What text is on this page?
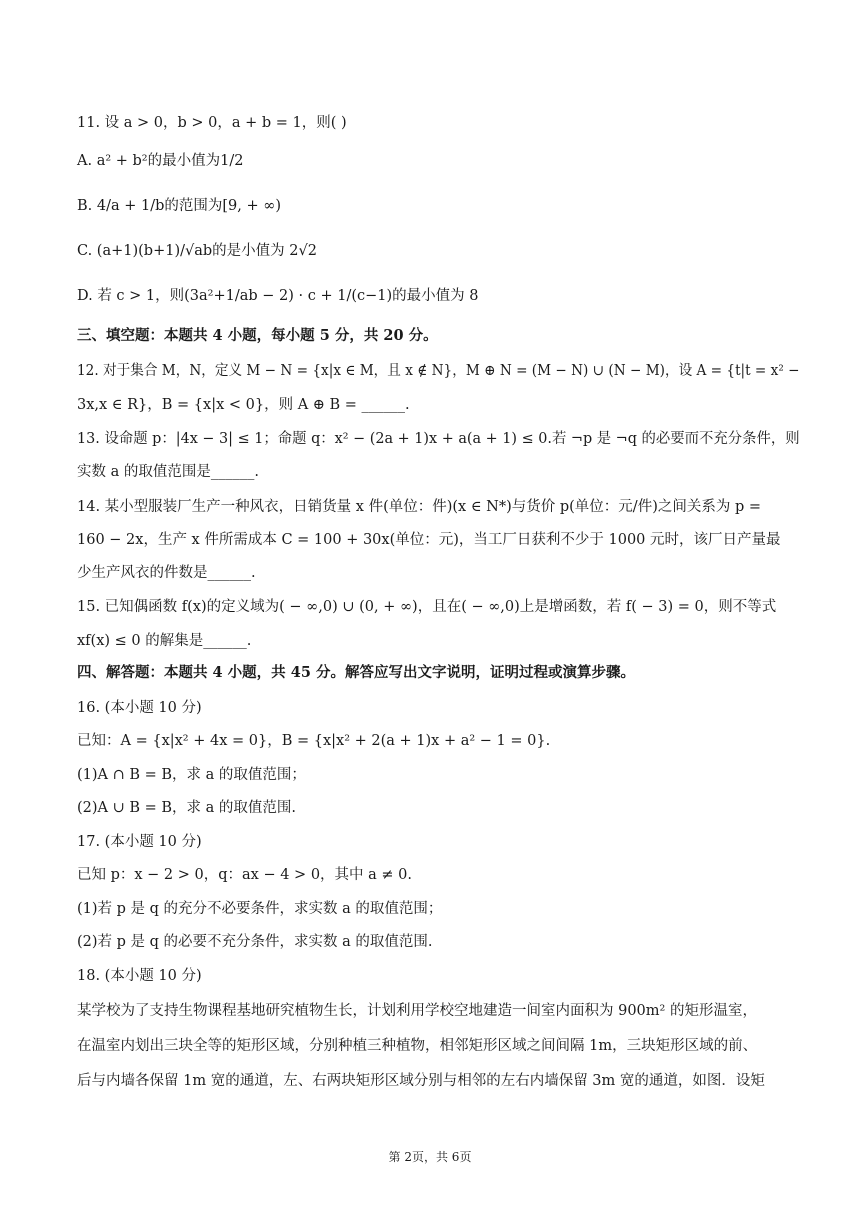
11. 设 a > 0，b > 0，a + b = 1，则( )
A. a² + b²的最小值为1/2
B. 4/a + 1/b的范围为[9, + ∞)
C. (a+1)(b+1)/√ab的是小值为 2√2
D. 若 c > 1，则(3a²+1/ab − 2) · c + 1/(c−1)的最小值为 8
三、填空题：本题共 4 小题，每小题 5 分，共 20 分。
12. 对于集合 M，N，定义 M − N = {x|x ∈ M，且 x ∉ N}，M ⊕ N = (M − N) ∪ (N − M)，设 A = {t|t = x² −
3x,x ∈ R}，B = {x|x < 0}，则 A ⊕ B = ______.
13. 设命题 p：|4x − 3| ≤ 1；命题 q：x² − (2a + 1)x + a(a + 1) ≤ 0.若 ¬p 是 ¬q 的必要而不充分条件，则
实数 a 的取值范围是______.
14. 某小型服装厂生产一种风衣，日销货量 x 件(单位：件)(x ∈ N*)与货价 p(单位：元/件)之间关系为 p =
160 − 2x，生产 x 件所需成本 C = 100 + 30x(单位：元)，当工厂日获利不少于 1000 元时，该厂日产量最
少生产风衣的件数是______.
15. 已知偶函数 f(x)的定义域为( − ∞,0) ∪ (0, + ∞)，且在( − ∞,0)上是增函数，若 f( − 3) = 0，则不等式
xf(x) ≤ 0 的解集是______.
四、解答题：本题共 4 小题，共 45 分。解答应写出文字说明，证明过程或演算步骤。
16. (本小题 10 分)
已知：A = {x|x² + 4x = 0}，B = {x|x² + 2(a + 1)x + a² − 1 = 0}.
(1)A ∩ B = B，求 a 的取值范围；
(2)A ∪ B = B，求 a 的取值范围.
17. (本小题 10 分)
已知 p：x − 2 > 0，q：ax − 4 > 0，其中 a ≠ 0.
(1)若 p 是 q 的充分不必要条件，求实数 a 的取值范围；
(2)若 p 是 q 的必要不充分条件，求实数 a 的取值范围.
18. (本小题 10 分)
某学校为了支持生物课程基地研究植物生长，计划利用学校空地建造一间室内面积为 900m² 的矩形温室，
在温室内划出三块全等的矩形区域，分别种植三种植物，相邻矩形区域之间间隔 1m，三块矩形区域的前、
后与内墙各保留 1m 宽的通道，左、右两块矩形区域分别与相邻的左右内墙保留 3m 宽的通道，如图．设矩
第 2页，共 6页
